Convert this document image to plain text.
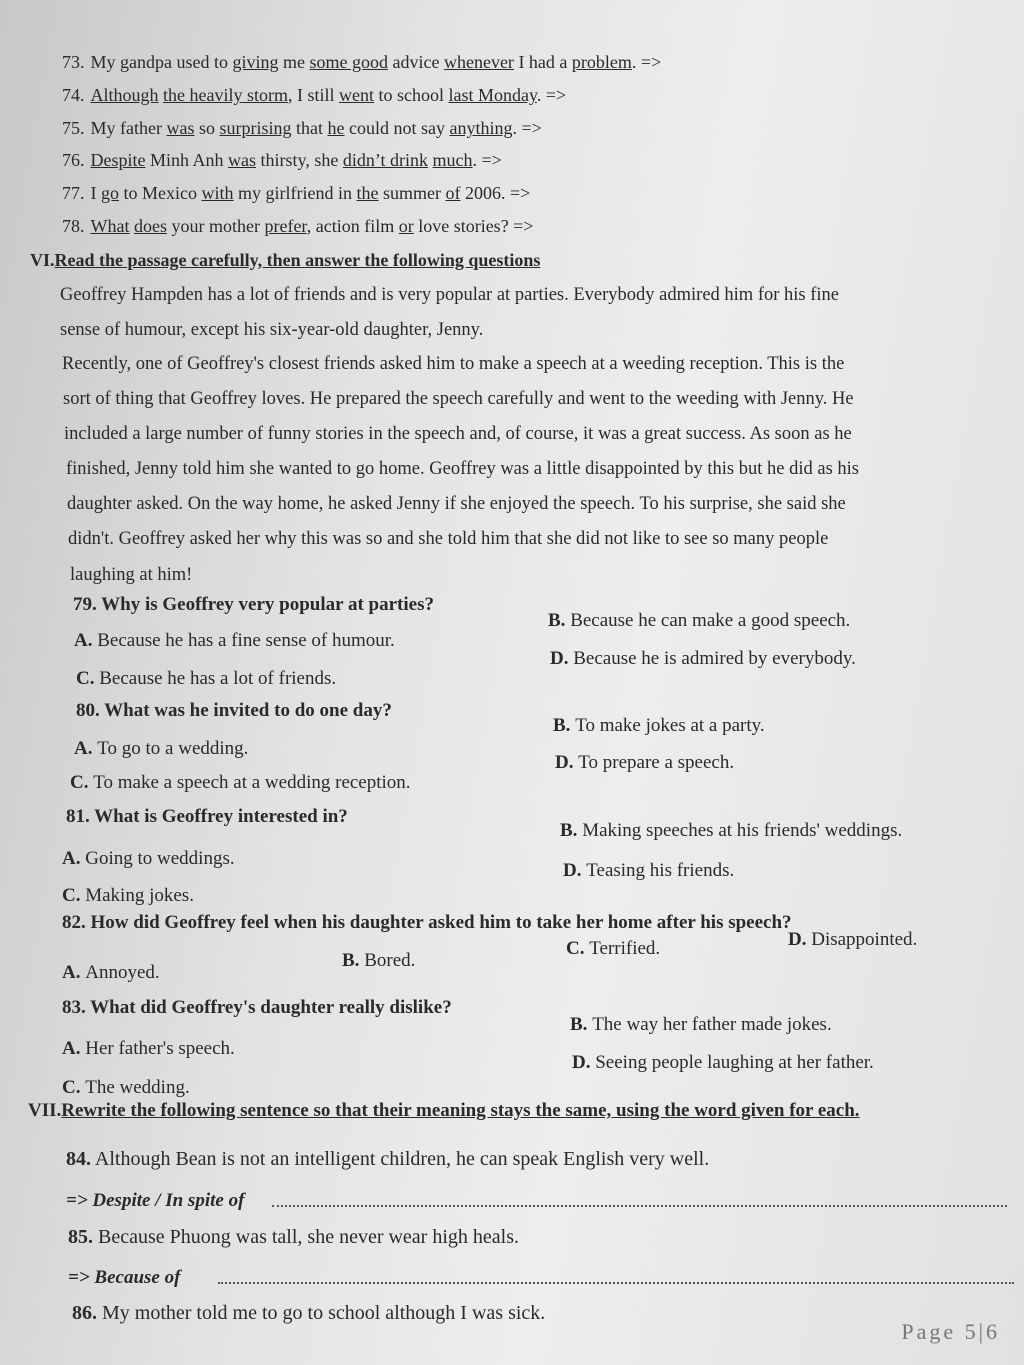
73. My gandpa used to giving me some good advice whenever I had a problem. =>
74. Although the heavily storm, I still went to school last Monday. =>
75. My father was so surprising that he could not say anything. =>
76. Despite Minh Anh was thirsty, she didn’t drink much. =>
77. I go to Mexico with my girlfriend in the summer of 2006. =>
78. What does your mother prefer, action film or love stories? =>
VI.Read the passage carefully, then answer the following questions
Geoffrey Hampden has a lot of friends and is very popular at parties. Everybody admired him for his fine
sense of humour, except his six-year-old daughter, Jenny.
Recently, one of Geoffrey's closest friends asked him to make a speech at a weeding reception. This is the
sort of thing that Geoffrey loves. He prepared the speech carefully and went to the weeding with Jenny. He
included a large number of funny stories in the speech and, of course, it was a great success. As soon as he
finished, Jenny told him she wanted to go home. Geoffrey was a little disappointed by this but he did as his
daughter asked. On the way home, he asked Jenny if she enjoyed the speech. To his surprise, she said she
didn't. Geoffrey asked her why this was so and she told him that she did not like to see so many people
laughing at him!
79. Why is Geoffrey very popular at parties?
A. Because he has a fine sense of humour.
B. Because he can make a good speech.
C. Because he has a lot of friends.
D. Because he is admired by everybody.
80. What was he invited to do one day?
A. To go to a wedding.
B. To make jokes at a party.
C. To make a speech at a wedding reception.
D. To prepare a speech.
81. What is Geoffrey interested in?
A. Going to weddings.
B. Making speeches at his friends' weddings.
C. Making jokes.
D. Teasing his friends.
82. How did Geoffrey feel when his daughter asked him to take her home after his speech?
A. Annoyed.
B. Bored.
C. Terrified.	D. Disappointed.
83. What did Geoffrey's daughter really dislike?
A. Her father's speech.
B. The way her father made jokes.
C. The wedding.
D. Seeing people laughing at her father.
VII.Rewrite the following sentence so that their meaning stays the same, using the word given for each.
84. Although Bean is not an intelligent children, he can speak English very well.
=> Despite / In spite of
85. Because Phuong was tall, she never wear high heals.
=> Because of
86. My mother told me to go to school although I was sick.
Page 5|6
